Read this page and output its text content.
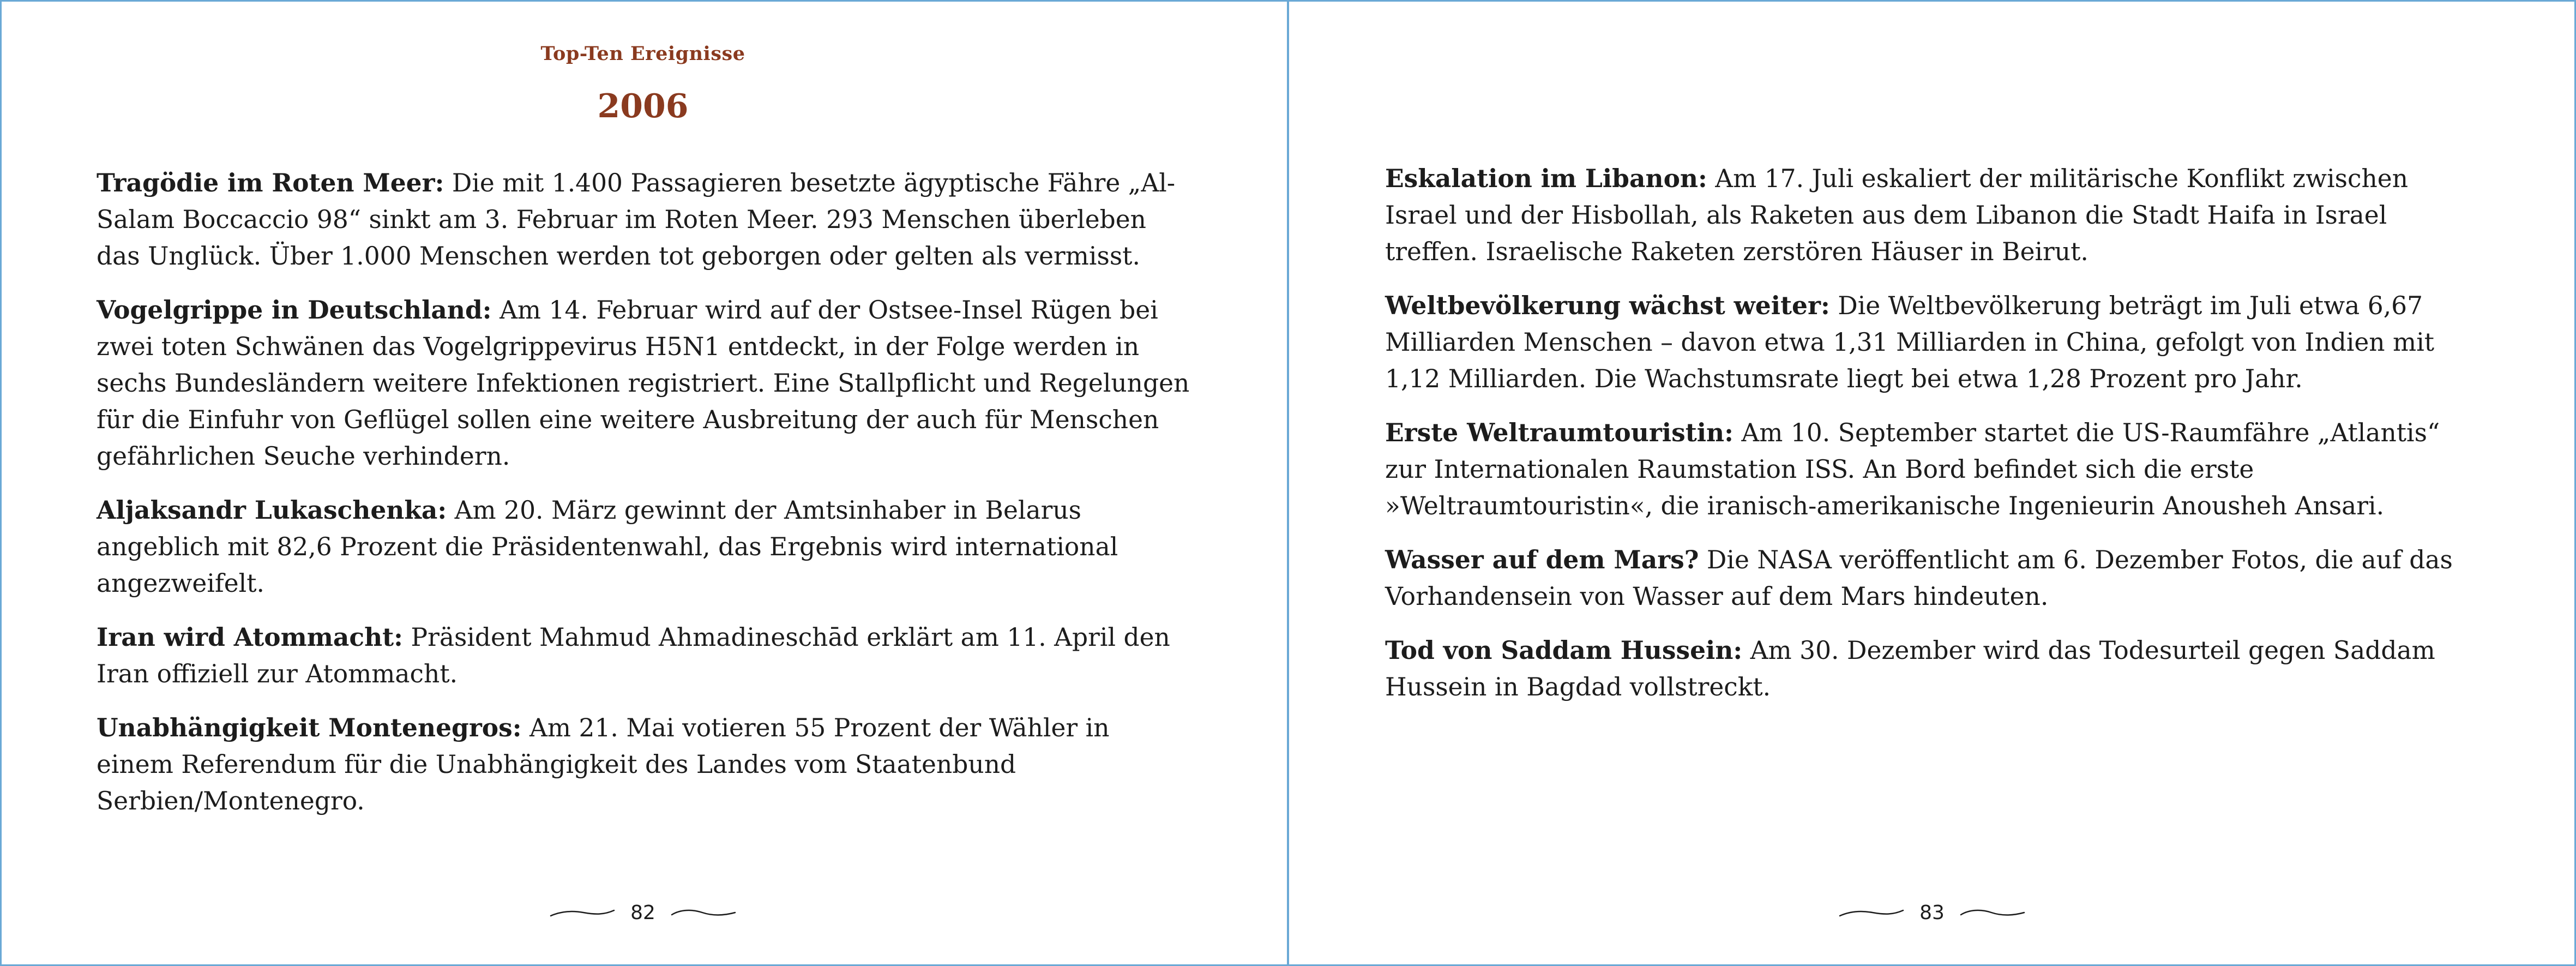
Top-Ten Ereignisse
2006

Tragödie im Roten Meer: Die mit 1.400 Passagieren besetzte ägyptische Fähre „Al-Salam Boccaccio 98“ sinkt am 3. Februar im Roten Meer. 293 Menschen überleben das Unglück. Über 1.000 Menschen werden tot geborgen oder gelten als vermisst.

Vogelgrippe in Deutschland: Am 14. Februar wird auf der Ostsee-Insel Rügen bei zwei toten Schwänen das Vogelgrippevirus H5N1 entdeckt, in der Folge werden in sechs Bundesländern weitere Infektionen registriert. Eine Stallpflicht und Regelungen für die Einfuhr von Geflügel sollen eine weitere Ausbreitung der auch für Menschen gefährlichen Seuche verhindern.

Aljaksandr Lukaschenka: Am 20. März gewinnt der Amtsinhaber in Belarus angeblich mit 82,6 Prozent die Präsidentenwahl, das Ergebnis wird international angezweifelt.

Iran wird Atommacht: Präsident Mahmud Ahmadineschād erklärt am 11. April den Iran offiziell zur Atommacht.

Unabhängigkeit Montenegros: Am 21. Mai votieren 55 Prozent der Wähler in einem Referendum für die Unabhängigkeit des Landes vom Staatenbund Serbien/Montenegro.

82

Eskalation im Libanon: Am 17. Juli eskaliert der militärische Konflikt zwischen Israel und der Hisbollah, als Raketen aus dem Libanon die Stadt Haifa in Israel treffen. Israelische Raketen zerstören Häuser in Beirut.

Weltbevölkerung wächst weiter: Die Weltbevölkerung beträgt im Juli etwa 6,67 Milliarden Menschen – davon etwa 1,31 Milliarden in China, gefolgt von Indien mit 1,12 Milliarden. Die Wachstumsrate liegt bei etwa 1,28 Prozent pro Jahr.

Erste Weltraumtouristin: Am 10. September startet die US-Raumfähre „Atlantis“ zur Internationalen Raumstation ISS. An Bord befindet sich die erste »Weltraumtouristin«, die iranisch-amerikanische Ingenieurin Anousheh Ansari.

Wasser auf dem Mars? Die NASA veröffentlicht am 6. Dezember Fotos, die auf das Vorhandensein von Wasser auf dem Mars hindeuten.

Tod von Saddam Hussein: Am 30. Dezember wird das Todesurteil gegen Saddam Hussein in Bagdad vollstreckt.

83
